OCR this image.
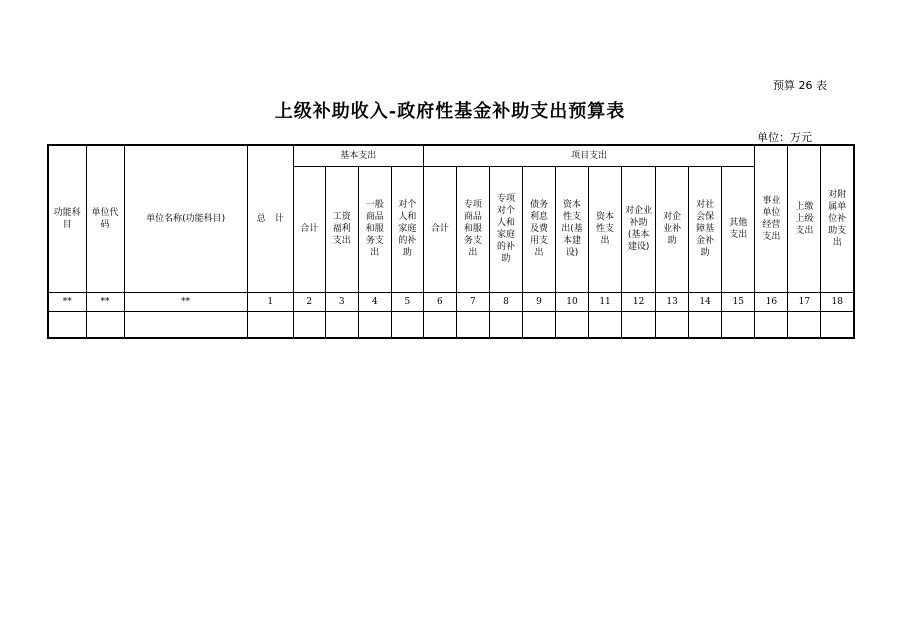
预算 26 表
上级补助收入-政府性基金补助支出预算表
单位：万元
功能科目	单位代码	单位名称(功能科目)	总　计	基本支出				项目支出										事业单位经营支出	上缴上级支出	对附属单位补助支出
				合计	工资福利支出	一般商品和服务支出	对个人和家庭的补助	合计	专项商品和服务支出	专项对个人和家庭的补助	债务利息及费用支出	资本性支出(基本建设)	资本性支出	对企业补助(基本建设)	对企业补助	对社会保障基金补助	其他支出			
**	**	**	1	2	3	4	5	6	7	8	9	10	11	12	13	14	15	16	17	18
